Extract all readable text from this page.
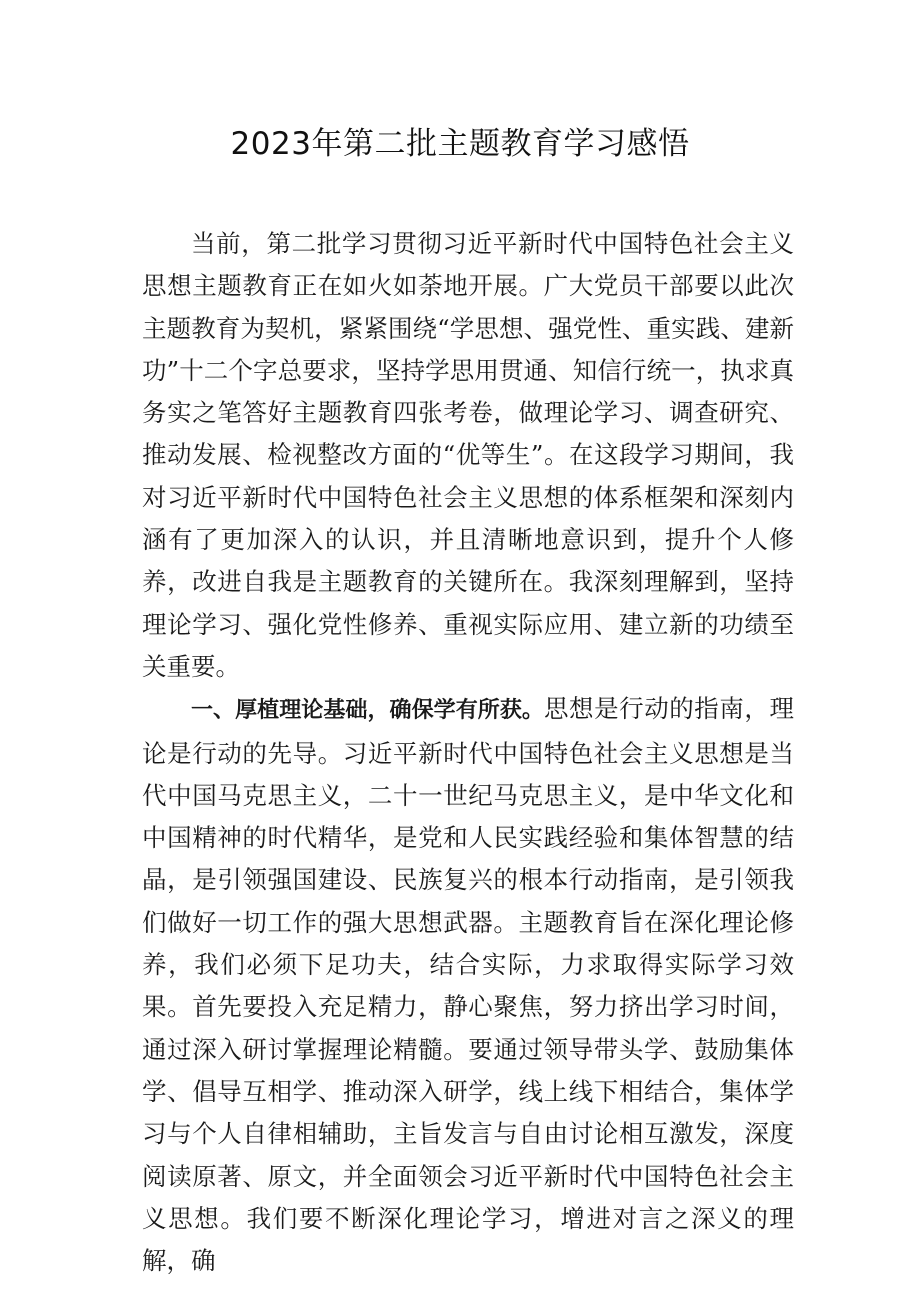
2023年第二批主题教育学习感悟

当前，第二批学习贯彻习近平新时代中国特色社会主义思想主题教育正在如火如荼地开展。广大党员干部要以此次主题教育为契机，紧紧围绕“学思想、强党性、重实践、建新功”十二个字总要求，坚持学思用贯通、知信行统一，执求真务实之笔答好主题教育四张考卷，做理论学习、调查研究、推动发展、检视整改方面的“优等生”。在这段学习期间，我对习近平新时代中国特色社会主义思想的体系框架和深刻内涵有了更加深入的认识，并且清晰地意识到，提升个人修养，改进自我是主题教育的关键所在。我深刻理解到，坚持理论学习、强化党性修养、重视实际应用、建立新的功绩至关重要。

一、厚植理论基础，确保学有所获。思想是行动的指南，理论是行动的先导。习近平新时代中国特色社会主义思想是当代中国马克思主义，二十一世纪马克思主义，是中华文化和中国精神的时代精华，是党和人民实践经验和集体智慧的结晶，是引领强国建设、民族复兴的根本行动指南，是引领我们做好一切工作的强大思想武器。主题教育旨在深化理论修养，我们必须下足功夫，结合实际，力求取得实际学习效果。首先要投入充足精力，静心聚焦，努力挤出学习时间，通过深入研讨掌握理论精髓。要通过领导带头学、鼓励集体学、倡导互相学、推动深入研学，线上线下相结合，集体学习与个人自律相辅助，主旨发言与自由讨论相互激发，深度阅读原著、原文，并全面领会习近平新时代中国特色社会主义思想。我们要不断深化理论学习，增进对言之深义的理解，确
